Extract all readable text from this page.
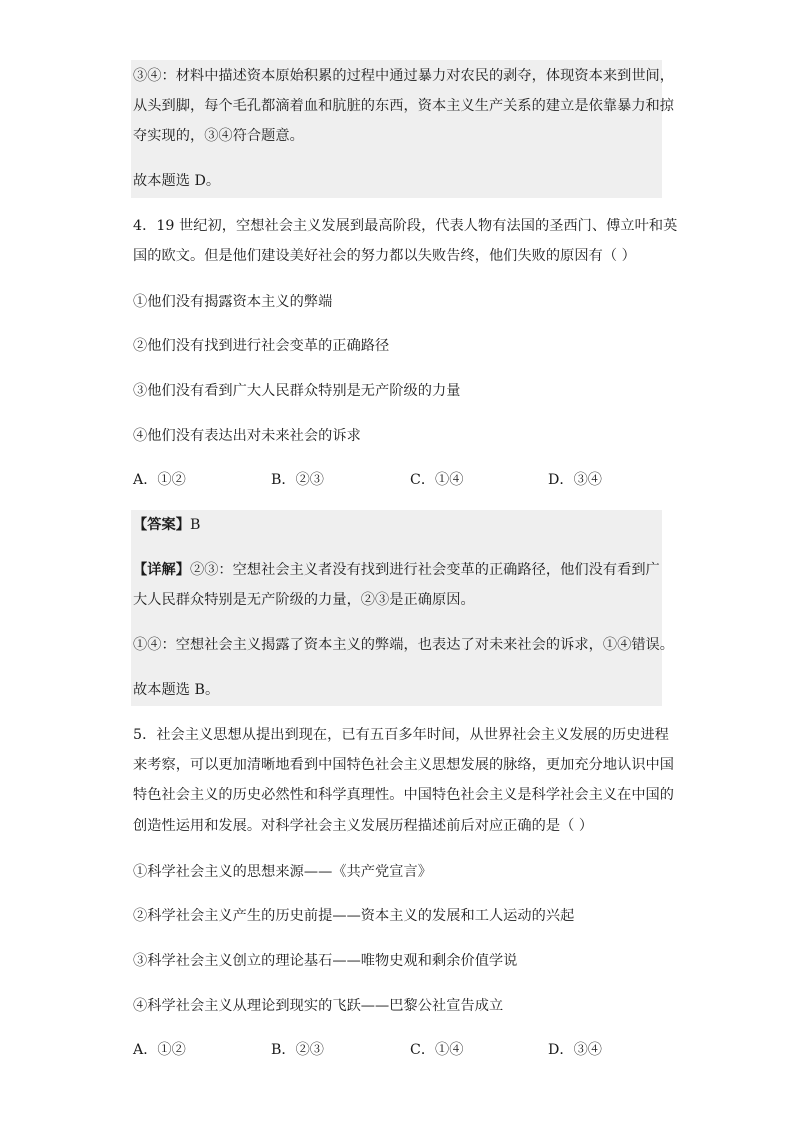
③④：材料中描述资本原始积累的过程中通过暴力对农民的剥夺，体现资本来到世间，
从头到脚，每个毛孔都滴着血和肮脏的东西，资本主义生产关系的建立是依靠暴力和掠
夺实现的，③④符合题意。
故本题选 D。
4．19 世纪初，空想社会主义发展到最高阶段，代表人物有法国的圣西门、傅立叶和英
国的欧文。但是他们建设美好社会的努力都以失败告终，他们失败的原因有（ ）
①他们没有揭露资本主义的弊端
②他们没有找到进行社会变革的正确路径
③他们没有看到广大人民群众特别是无产阶级的力量
④他们没有表达出对未来社会的诉求
A．①②	B．②③	C．①④	D．③④
【答案】B
【详解】②③：空想社会主义者没有找到进行社会变革的正确路径，他们没有看到广
大人民群众特别是无产阶级的力量，②③是正确原因。
①④：空想社会主义揭露了资本主义的弊端，也表达了对未来社会的诉求，①④错误。
故本题选 B。
5．社会主义思想从提出到现在，已有五百多年时间，从世界社会主义发展的历史进程
来考察，可以更加清晰地看到中国特色社会主义思想发展的脉络，更加充分地认识中国
特色社会主义的历史必然性和科学真理性。中国特色社会主义是科学社会主义在中国的
创造性运用和发展。对科学社会主义发展历程描述前后对应正确的是（ ）
①科学社会主义的思想来源——《共产党宣言》
②科学社会主义产生的历史前提——资本主义的发展和工人运动的兴起
③科学社会主义创立的理论基石——唯物史观和剩余价值学说
④科学社会主义从理论到现实的飞跃——巴黎公社宣告成立
A．①②	B．②③	C．①④	D．③④
